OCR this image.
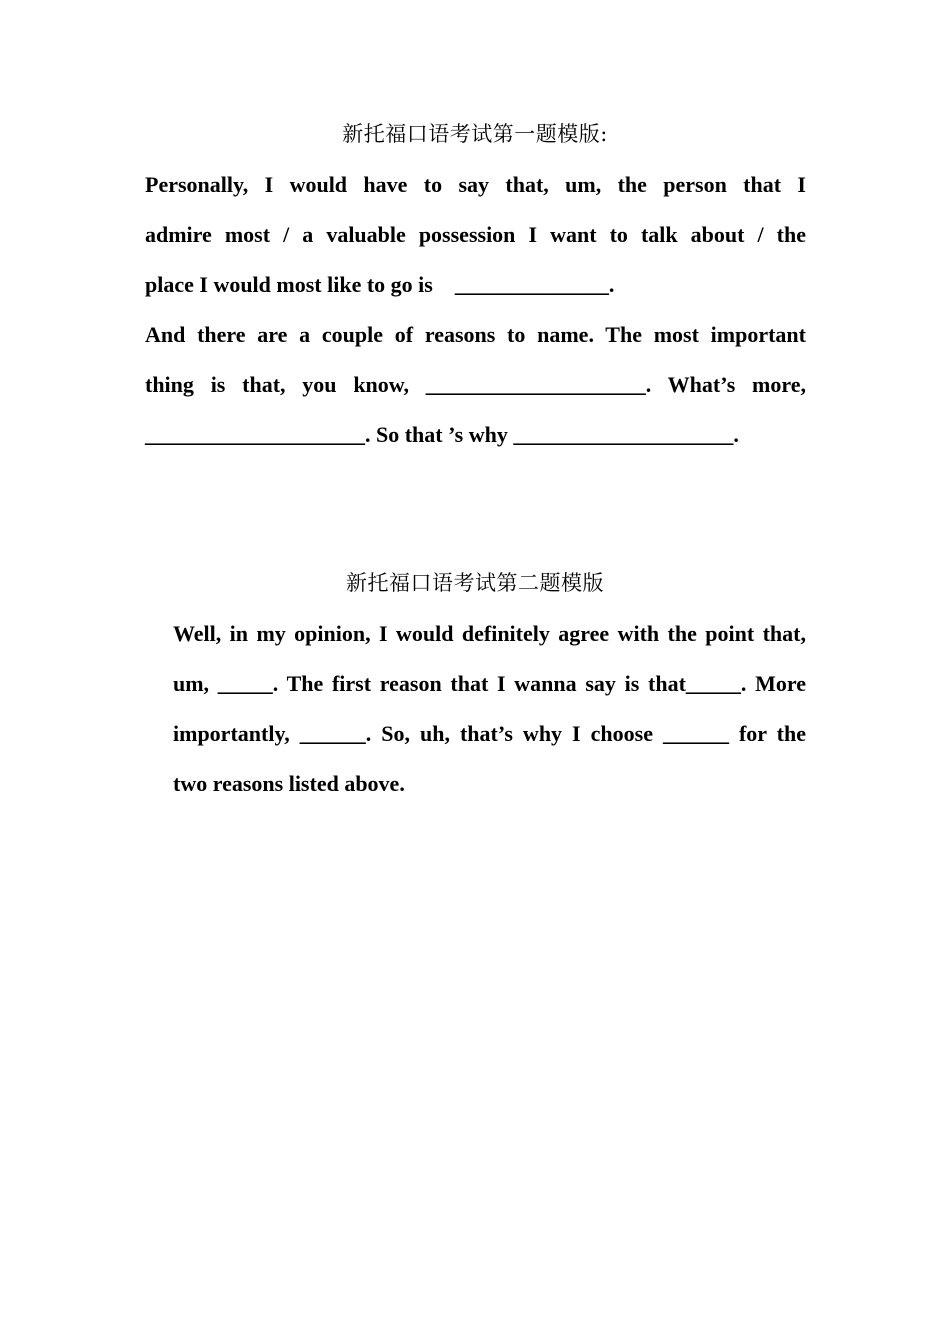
新托福口语考试第一题模版:
Personally, I would have to say that, um, the person that I
admire most / a valuable possession I want to talk about / the
place I would most like to go is    ______________.
And there are a couple of reasons to name. The most important
thing is that, you know, ____________________. What’s more,
____________________. So that ’s why ____________________.
新托福口语考试第二题模版
Well, in my opinion, I would definitely agree with the point that,
um, _____. The first reason that I wanna say is that_____. More
importantly, ______. So, uh, that’s why I choose ______ for the
two reasons listed above.
